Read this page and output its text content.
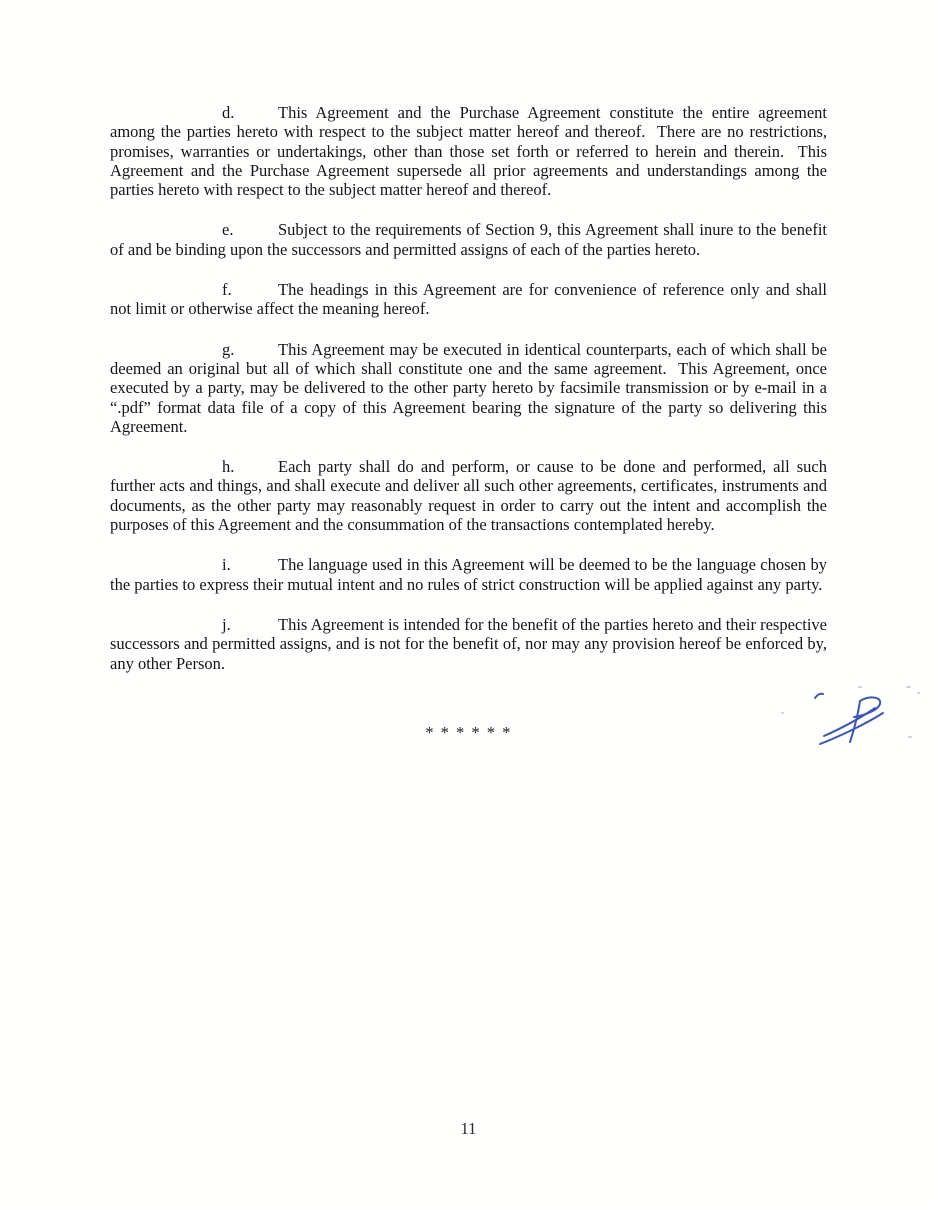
d.	This Agreement and the Purchase Agreement constitute the entire agreement among the parties hereto with respect to the subject matter hereof and thereof.  There are no restrictions, promises, warranties or undertakings, other than those set forth or referred to herein and therein.  This Agreement and the Purchase Agreement supersede all prior agreements and understandings among the parties hereto with respect to the subject matter hereof and thereof.

e.	Subject to the requirements of Section 9, this Agreement shall inure to the benefit of and be binding upon the successors and permitted assigns of each of the parties hereto.

f.	The headings in this Agreement are for convenience of reference only and shall not limit or otherwise affect the meaning hereof.

g.	This Agreement may be executed in identical counterparts, each of which shall be deemed an original but all of which shall constitute one and the same agreement.  This Agreement, once executed by a party, may be delivered to the other party hereto by facsimile transmission or by e-mail in a “.pdf” format data file of a copy of this Agreement bearing the signature of the party so delivering this Agreement.

h.	Each party shall do and perform, or cause to be done and performed, all such further acts and things, and shall execute and deliver all such other agreements, certificates, instruments and documents, as the other party may reasonably request in order to carry out the intent and accomplish the purposes of this Agreement and the consummation of the transactions contemplated hereby.

i.	The language used in this Agreement will be deemed to be the language chosen by the parties to express their mutual intent and no rules of strict construction will be applied against any party.

j.	This Agreement is intended for the benefit of the parties hereto and their respective successors and permitted assigns, and is not for the benefit of, nor may any provision hereof be enforced by, any other Person.

* * * * * *
11
